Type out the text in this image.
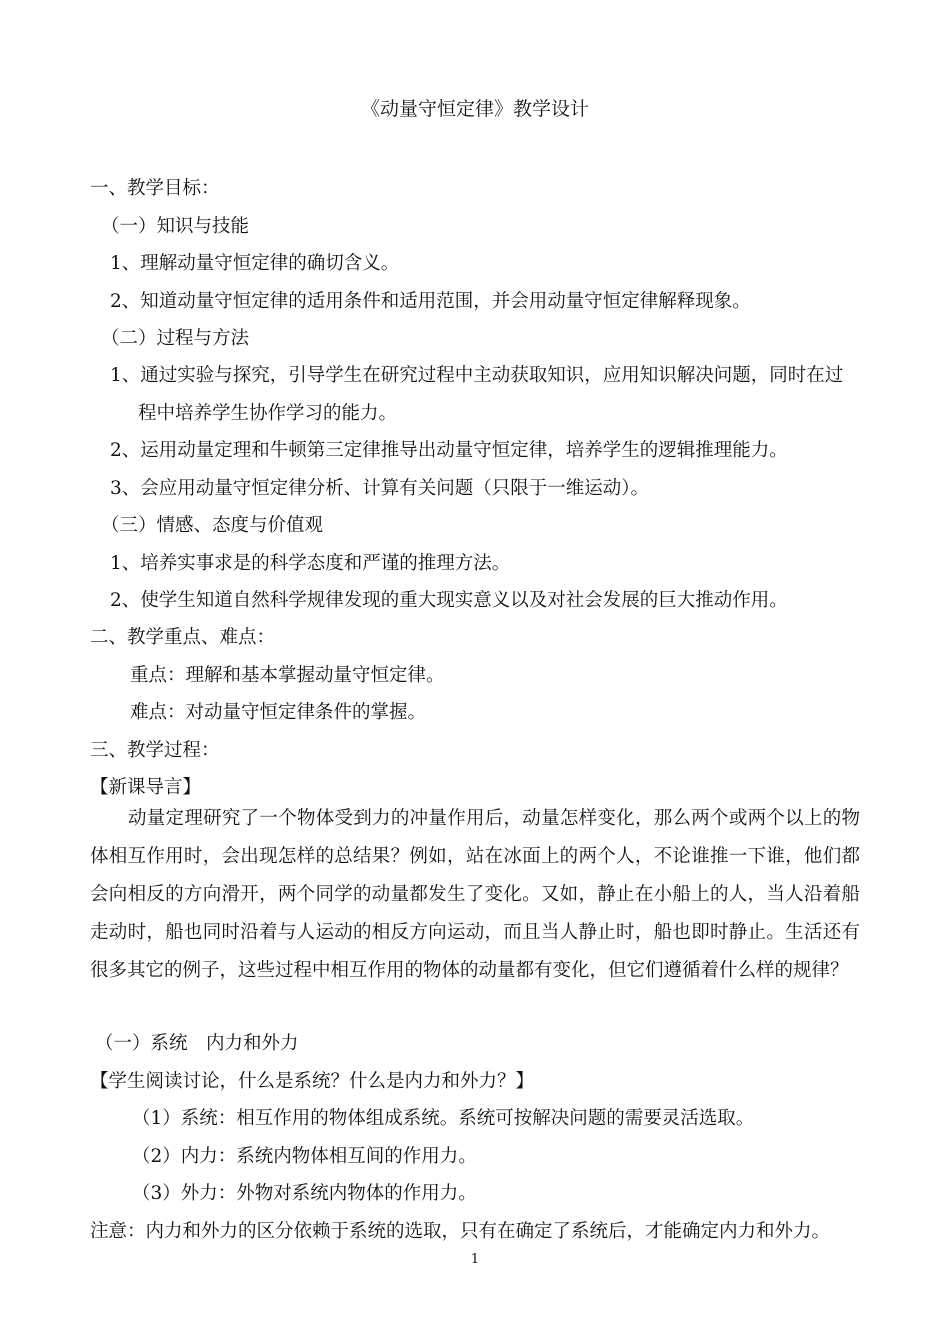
《动量守恒定律》教学设计
一、教学目标：
（一）知识与技能
1、理解动量守恒定律的确切含义。
2、知道动量守恒定律的适用条件和适用范围，并会用动量守恒定律解释现象。
（二）过程与方法
1、通过实验与探究，引导学生在研究过程中主动获取知识，应用知识解决问题，同时在过
程中培养学生协作学习的能力。
2、运用动量定理和牛顿第三定律推导出动量守恒定律，培养学生的逻辑推理能力。
3、会应用动量守恒定律分析、计算有关问题（只限于一维运动）。
（三）情感、态度与价值观
1、培养实事求是的科学态度和严谨的推理方法。
2、使学生知道自然科学规律发现的重大现实意义以及对社会发展的巨大推动作用。
二、教学重点、难点：
重点：理解和基本掌握动量守恒定律。
难点：对动量守恒定律条件的掌握。
三、教学过程：
【新课导言】
动量定理研究了一个物体受到力的冲量作用后，动量怎样变化，那么两个或两个以上的物体相互作用时，会出现怎样的总结果？例如，站在冰面上的两个人，不论谁推一下谁，他们都会向相反的方向滑开，两个同学的动量都发生了变化。又如，静止在小船上的人，当人沿着船走动时，船也同时沿着与人运动的相反方向运动，而且当人静止时，船也即时静止。生活还有很多其它的例子，这些过程中相互作用的物体的动量都有变化，但它们遵循着什么样的规律？
（一）系统　内力和外力
【学生阅读讨论，什么是系统？什么是内力和外力？】
（1）系统：相互作用的物体组成系统。系统可按解决问题的需要灵活选取。
（2）内力：系统内物体相互间的作用力。
（3）外力：外物对系统内物体的作用力。
注意：内力和外力的区分依赖于系统的选取，只有在确定了系统后，才能确定内力和外力。
1
